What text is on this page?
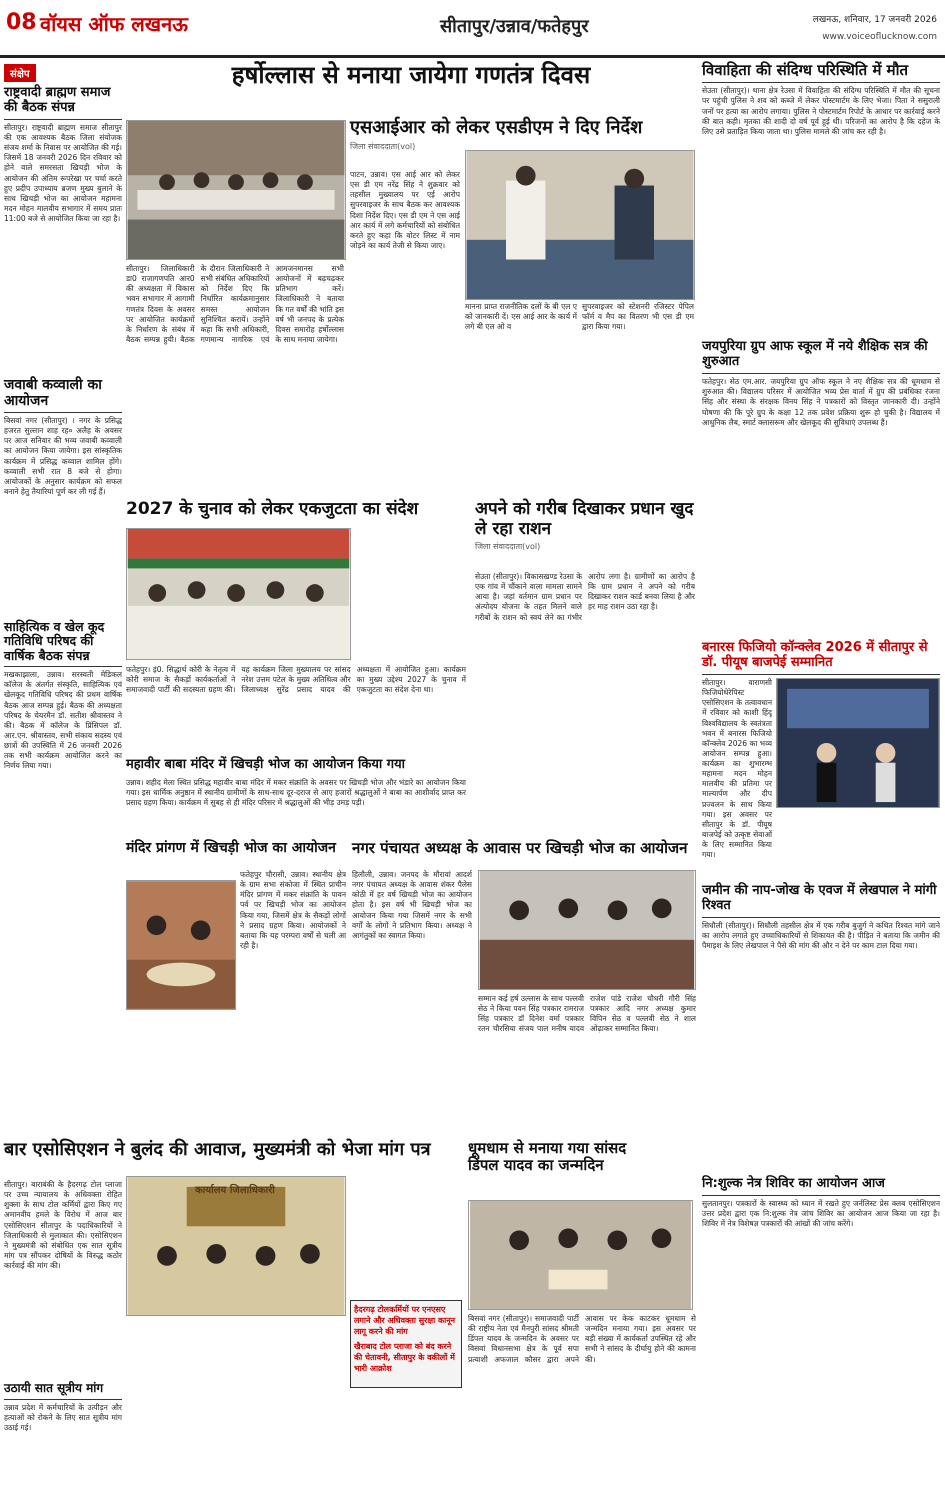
08 वॉयस ऑफ लखनऊ	सीतापुर/उन्नाव/फतेहपुर	लखनऊ, शनिवार, 17 जनवरी 2026
www.voiceoflucknow.com
संक्षेप
राष्ट्रवादी ब्राह्मण समाज की बैठक संपन्न
सीतापुर। राष्ट्रवादी ब्राह्मण समाज सीतापुर की एक आवश्यक बैठक जिला संयोजक संजय शर्मा के निवास पर आयोजित की गई। जिसमें 18 जनवरी 2026 दिन रविवार को होने वाले समरसता खिचड़ी भोज के आयोजन की अंतिम रूपरेखा पर चर्चा करते हुए प्रदीप उपाध्याय ब्रजण मुख्य बुलाने के साथ खिचड़ी भोज का आयोजन महामना मदन मोहन मालवीय सभागार में समय प्रातः 11:00 बजे से आयोजित किया जा रहा है।
जवाबी कव्वाली का आयोजन
बिसवां नगर (सीतापुर) । नगर के प्रसिद्ध हजरत सुल्तान शाह रह० अलैह के अवसर पर आज सनिवार की भव्य जवाबी कव्वाली का आयोजन किया जायेगा। इस सांस्कृतिक कार्यक्रम में प्रसिद्ध कव्वाल शामिल होंगे। कव्वाली सभी रात 8 बजे से होगा। आयोजकों के अनुसार कार्यक्रम को सफल बनाने हेतु तैयारियां पूर्ण कर ली गई हैं।
साहित्यिक व खेल कूद गतिविधि परिषद की वार्षिक बैठक संपन्न
मखकाझाला, उन्नाव। सरस्वती मेडिकल कॉलेज के अंतर्गत संस्कृति, साहित्यिक एवं खेलकूद गतिविधि परिषद की प्रथम वार्षिक बैठक आज सम्पन्न हुई। बैठक की अध्यक्षता परिषद के चेयरमैन डॉ. सतीश श्रीवास्तव ने की। बैठक में कॉलेज के प्रिंसिपल डॉ. आर.एन. श्रीवास्तव, सभी संकाय सदस्य एवं छात्रों की उपस्थिति में 26 जनवरी 2026 तक सभी कार्यक्रम आयोजित करने का निर्णय लिया गया।
हर्षोल्लास से मनाया जायेगा गणतंत्र दिवस
सीतापुर। जिलाधिकारी डा0 राजागणपति आर0 की अध्यक्षता में विकास भवन सभागार में आगामी गणतंत्र दिवस के अवसर पर आयोजित कार्यक्रमों के निर्धारण के संबंध में बैठक सम्पन्न हुयी। बैठक के दौरान जिलाधिकारी ने सभी संबंधित अधिकारियों को निर्देश दिए कि निर्धारित कार्यक्रमानुसार समस्त आयोजन सुनिश्चित करायें। उन्होंने कहा कि सभी अधिकारी, गणमान्य नागरिक एवं आमजनमानस सभी आयोजनों में बढ़चढ़कर प्रतिभाग करें। जिलाधिकारी ने बताया कि गत वर्षों की भांति इस वर्ष भी जनपद के प्रत्येक दिवस समारोह हर्षोल्लास के साथ मनाया जायेगा।
एसआईआर को लेकर एसडीएम ने दिए निर्देश
जिला संवाददाता(vol)
पाटन, उन्नाव। एस आई आर को लेकर एस डी एम नरेंद्र सिंह ने शुक्रवार को तहसील मुख्यालय पर एई आरोप सुपरवाइजर के साथ बैठक कर आवश्यक दिशा निर्देश दिए। एस डी एम ने एस आई आर कार्य में लगे कर्मचारियों को संबोधित करते हुए कहा कि वोटर लिस्ट में नाम जोड़ने का कार्य तेजी से किया जाए।
मानना प्राप्त राजनीतिक दलों के बी एल ए को जानकारी दें। एस आई आर के कार्य में लगे बी एल ओ व
सुपरवाइजर को स्टेशनरी रजिस्टर पेपिल फॉर्म व मैप का वितरण भी एस डी एम द्वारा किया गया।
2027 के चुनाव को लेकर एकजुटता का संदेश
फतेहपुर। इं0. सिद्धार्थ कोरी के नेतृत्व में कोरी समाज के सैकड़ों कार्यकर्ताओं ने समाजवादी पार्टी की सदस्यता ग्रहण की। यह कार्यक्रम जिला मुख्यालय पर सांसद नरेश उत्तम पटेल के मुख्य अतिथित्व और जिलाध्यक्ष सुरेंद्र प्रसाद यादव की अध्यक्षता में आयोजित हुआ। कार्यक्रम का मुख्य उद्देश्य 2027 के चुनाव में एकजुटता का संदेश देना था।
अपने को गरीब दिखाकर प्रधान खुद ले रहा राशन
जिला संवाददाता(vol)
सेउता (सीतापुर)। विकासखण्ड रेउसा के एक गांव में चौंकाने वाला मामला सामने आया है। जहां वर्तमान ग्राम प्रधान पर अंत्योदय योजना के तहत मिलने वाले गरीबों के राशन को स्वयं लेने का गंभीर आरोप लगा है। ग्रामीणों का आरोप है कि ग्राम प्रधान ने अपने को गरीब दिखाकर राशन कार्ड बनवा लिया है और हर माह राशन उठा रहा है।
महावीर बाबा मंदिर में खिचड़ी भोज का आयोजन किया गया
उन्नाव। शहीद मेला स्थित प्रसिद्ध महावीर बाबा मंदिर में मकर संक्रांति के अवसर पर खिचड़ी भोज और भंडारे का आयोजन किया गया। इस धार्मिक अनुष्ठान में स्थानीय ग्रामीणों के साथ-साथ दूर-दराज से आए हजारों श्रद्धालुओं ने बाबा का आशीर्वाद प्राप्त कर प्रसाद ग्रहण किया। कार्यक्रम में सुबह से ही मंदिर परिसर में श्रद्धालुओं की भीड़ उमड़ पड़ी।
मंदिर प्रांगण में खिचड़ी भोज का आयोजन
फतेहपुर चौरासी, उन्नाव। स्थानीय क्षेत्र के ग्राम सभा संकोजा में स्थित प्राचीन मंदिर प्रांगण में मकर संक्रांति के पावन पर्व पर खिचड़ी भोज का आयोजन किया गया, जिसमें क्षेत्र के सैकड़ों लोगों ने प्रसाद ग्रहण किया। आयोजकों ने बताया कि यह परम्परा वर्षों से चली आ रही है।
नगर पंचायत अध्यक्ष के आवास पर खिचड़ी भोज का आयोजन
हिलौली, उन्नाव। जनपद के मौरावां आदर्श नगर पंचायत अध्यक्ष के आवास शंकर पैलेस कोठी में हर वर्ष खिचड़ी भोज का आयोजन होता है। इस वर्ष भी खिचड़ी भोज का आयोजन किया गया जिसमें नगर के सभी वर्गों के लोगों ने प्रतिभाग किया। अध्यक्ष ने आगंतुकों का स्वागत किया।
सम्मान कई हर्ष उल्लास के साथ पल्लवी सेठ ने किया पवन सिंह पत्रकार रामराज सिंह पत्रकार डॉ दिनेश वर्मा पत्रकार रतन चौरसिया संजय पाल मनीष यादव राजेश पांडे राजेश चौधरी गौरी सिंह पत्रकार आदि नगर अध्यक्ष कुमार विपिन सेठ व पल्लवी सेठ ने शाल ओढ़ाकर सम्मानित किया।
विवाहिता की संदिग्ध परिस्थिति में मौत
सेउता (सीतापुर)। थाना क्षेत्र रेउसा में विवाहिता की संदिग्ध परिस्थिति में मौत की सूचना पर पहुंची पुलिस ने शव को कब्जे में लेकर पोस्टमार्टम के लिए भेजा। पिता ने ससुराली जनों पर हत्या का आरोप लगाया। पुलिस ने पोस्टमार्टम रिपोर्ट के आधार पर कार्रवाई करने की बात कही। मृतका की शादी दो वर्ष पूर्व हुई थी। परिजनों का आरोप है कि दहेज के लिए उसे प्रताड़ित किया जाता था। पुलिस मामले की जांच कर रही है।
जयपुरिया ग्रुप आफ स्कूल में नये शैक्षिक सत्र की शुरुआत
फतेहपुर। सेठ एम.आर. जयपुरिया ग्रुप ऑफ स्कूल ने नए शैक्षिक सत्र की धूमधाम से शुरुआत की। विद्यालय परिसर में आयोजित भव्य प्रेस वार्ता में ग्रुप की प्रबंधिका रंजना सिंह और संस्था के संरक्षक विनय सिंह ने पत्रकारों को विस्तृत जानकारी दी। उन्होंने घोषणा की कि पूरे ग्रुप के कक्षा 12 तक प्रवेश प्रक्रिया शुरू हो चुकी है। विद्यालय में आधुनिक लैब, स्मार्ट क्लासरूम और खेलकूद की सुविधाएं उपलब्ध हैं।
बनारस फिजियो कॉन्क्लेव 2026 में सीतापुर से डॉ. पीयूष बाजपेई सम्मानित
सीतापुर। वाराणसी फिजियोथेरेपिस्ट एसोसिएशन के तत्वावधान में रविवार को काशी हिंदू विश्वविद्यालय के स्वतंत्रता भवन में बनारस फिजियो कॉन्क्लेव 2026 का भव्य आयोजन सम्पन्न हुआ। कार्यक्रम का शुभारम्भ महामना मदन मोहन मालवीय की प्रतिमा पर माल्यार्पण और दीप प्रज्वलन के साथ किया गया। इस अवसर पर सीतापुर के डॉ. पीयूष बाजपेई को उत्कृष्ट सेवाओं के लिए सम्मानित किया गया।
जमीन की नाप-जोख के एवज में लेखपाल ने मांगी रिश्वत
सिधौली (सीतापुर)। सिधौली तहसील क्षेत्र में एक गरीब बुजुर्ग ने कथित रिश्वत मांगे जाने का आरोप लगाते हुए उच्चाधिकारियों से शिकायत की है। पीड़ित ने बताया कि जमीन की पैमाइश के लिए लेखपाल ने पैसे की मांग की और न देने पर काम टाल दिया गया।
नि:शुल्क नेत्र शिविर का आयोजन आज
सुलतानपुर। पत्रकारों के स्वास्थ्य को ध्यान में रखते हुए जर्नलिस्ट प्रेस क्लब एसोसिएशन उत्तर प्रदेश द्वारा एक नि:शुल्क नेत्र जांच शिविर का आयोजन आज किया जा रहा है। शिविर में नेत्र विशेषज्ञ पत्रकारों की आंखों की जांच करेंगे।
बार एसोसिएशन ने बुलंद की आवाज, मुख्यमंत्री को भेजा मांग पत्र
सीतापुर। बाराबंकी के हैदरगढ़ टोल प्लाजा पर उच्च न्यायालय के अधिवक्ता रोहित शुक्ला के साथ टोल कर्मियों द्वारा किए गए अमानवीय हमले के विरोध में आज बार एसोसिएशन सीतापुर के पदाधिकारियों ने जिलाधिकारी से मुलाकात की। एसोसिएशन ने मुख्यमंत्री को संबोधित एक सात सूत्रीय मांग पत्र सौंपकर दोषियों के विरुद्ध कठोर कार्रवाई की मांग की।
कार्यालय जिलाधिकारी
हैदरगढ़ टोलकर्मियों पर एनएसए लगाने और अधिवक्ता सुरक्षा कानून लागू करने की मांग
खैराबाद टोल प्लाजा को बंद करने की चेतावनी, सीतापुर के वकीलों में भारी आक्रोश
धूमधाम से मनाया गया सांसद
डिंपल यादव का जन्मदिन
बिसवां नगर (सीतापुर)। समाजवादी पार्टी की राष्ट्रीय नेता एवं मैनपुरी सांसद श्रीमती डिंपल यादव के जन्मदिन के अवसर पर विसवां विधानसभा क्षेत्र के पूर्व सपा प्रत्याशी अफजाल कौसर द्वारा अपने आवास पर केक काटकर धूमधाम से जन्मदिन मनाया गया। इस अवसर पर बड़ी संख्या में कार्यकर्ता उपस्थित रहे और सभी ने सांसद के दीर्घायु होने की कामना की।
उठायी सात सूत्रीय मांग
उन्नाव प्रदेश में कर्मचारियों के उत्पीड़न और हत्याओं को रोकने के लिए सात सूत्रीय मांग उठाई गई।
